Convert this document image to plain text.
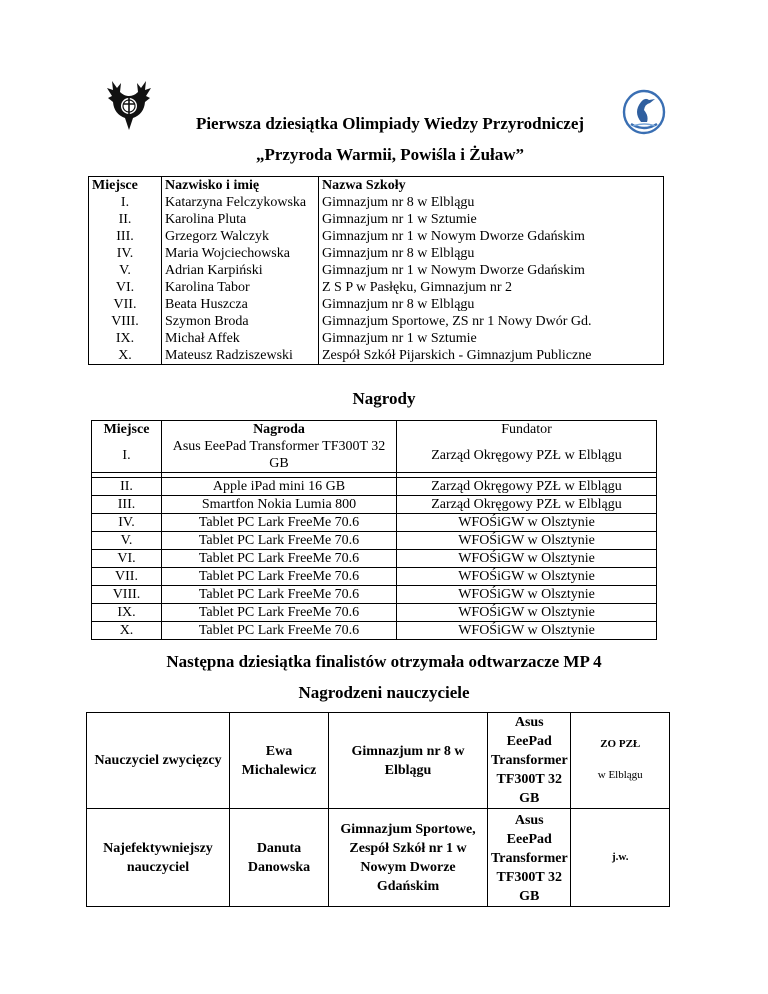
Pierwsza dziesiątka Olimpiady Wiedzy Przyrodniczej
„Przyroda Warmii, Powiśla i Żuław”
Miejsce	Nazwisko i imię	Nazwa Szkoły
I.	Katarzyna Felczykowska	Gimnazjum nr 8 w Elblągu
II.	Karolina Pluta	Gimnazjum nr 1 w Sztumie
III.	Grzegorz Walczyk	Gimnazjum nr 1 w Nowym Dworze Gdańskim
IV.	Maria Wojciechowska	Gimnazjum nr 8 w Elblągu
V.	Adrian Karpiński	Gimnazjum nr 1 w Nowym Dworze Gdańskim
VI.	Karolina Tabor	Z S P w Pasłęku, Gimnazjum nr 2
VII.	Beata Huszcza	Gimnazjum nr 8 w Elblągu
VIII.	Szymon Broda	Gimnazjum Sportowe, ZS nr 1 Nowy Dwór Gd.
IX.	Michał Affek	Gimnazjum nr 1 w Sztumie
X.	Mateusz Radziszewski	Zespół Szkół Pijarskich - Gimnazjum Publiczne
Nagrody
Miejsce	Nagroda	Fundator
I.	Asus EeePad Transformer TF300T 32 GB	Zarząd Okręgowy PZŁ w Elblągu

II.	Apple iPad mini 16 GB	Zarząd Okręgowy PZŁ w Elblągu
III.	Smartfon Nokia Lumia 800	Zarząd Okręgowy PZŁ w Elblągu
IV.	Tablet PC Lark FreeMe 70.6	WFOŚiGW w Olsztynie
V.	Tablet PC Lark FreeMe 70.6	WFOŚiGW w Olsztynie
VI.	Tablet PC Lark FreeMe 70.6	WFOŚiGW w Olsztynie
VII.	Tablet PC Lark FreeMe 70.6	WFOŚiGW w Olsztynie
VIII.	Tablet PC Lark FreeMe 70.6	WFOŚiGW w Olsztynie
IX.	Tablet PC Lark FreeMe 70.6	WFOŚiGW w Olsztynie
X.	Tablet PC Lark FreeMe 70.6	WFOŚiGW w Olsztynie
Następna dziesiątka finalistów otrzymała odtwarzacze MP 4
Nagrodzeni nauczyciele
Nauczyciel zwycięzcy	Ewa Michalewicz	Gimnazjum nr 8 w Elblągu	Asus EeePad Transformer TF300T 32 GB	ZO PZŁ
w Elblągu

Najefektywniejszy nauczyciel	Danuta Danowska	Gimnazjum Sportowe, Zespół Szkół nr 1 w Nowym Dworze Gdańskim	Asus EeePad Transformer TF300T 32 GB	j.w.
